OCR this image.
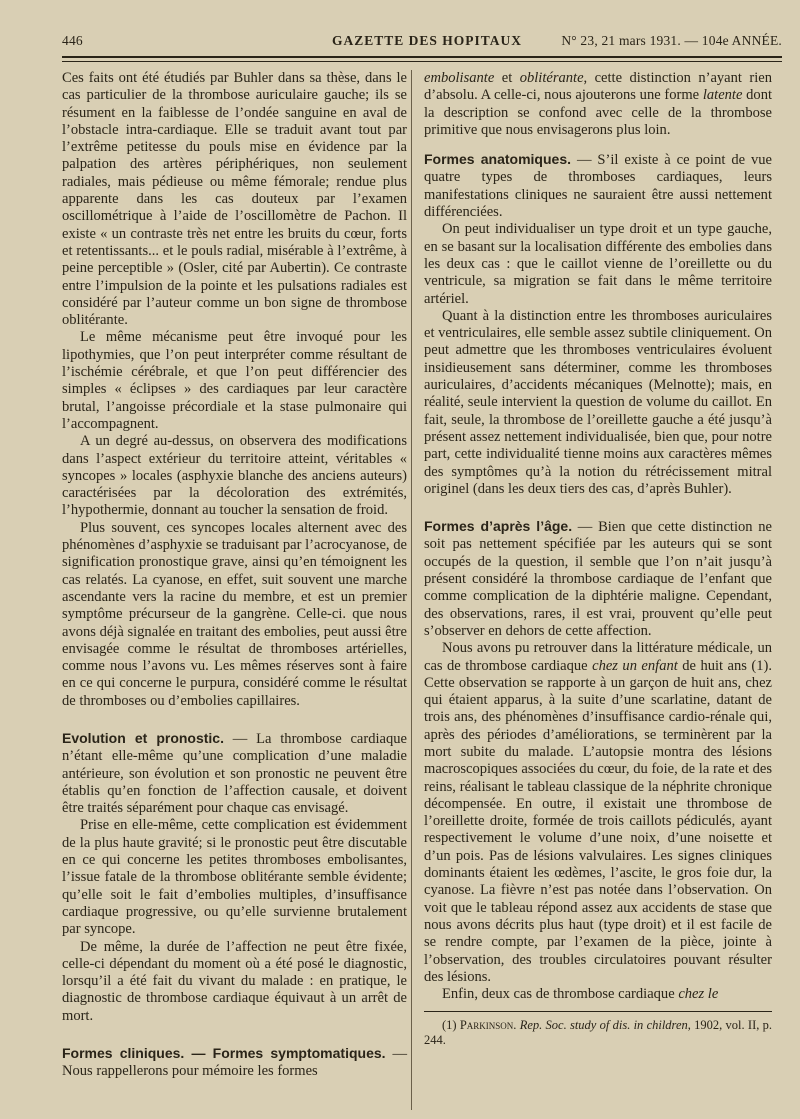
446	GAZETTE DES HOPITAUX	N° 23, 21 mars 1931. — 104e ANNÉE.

Ces faits ont été étudiés par Buhler dans sa thèse, dans le cas particulier de la thrombose auriculaire gauche; ils se résument en la faiblesse de l’ondée sanguine en aval de l’obstacle intra-cardiaque. Elle se traduit avant tout par l’extrême petitesse du pouls mise en évidence par la palpation des artères périphériques, non seulement radiales, mais pédieuse ou même fémorale; rendue plus apparente dans les cas douteux par l’examen oscillométrique à l’aide de l’oscillomètre de Pachon. Il existe « un contraste très net entre les bruits du cœur, forts et retentissants... et le pouls radial, misérable à l’extrême, à peine perceptible » (Osler, cité par Aubertin). Ce contraste entre l’impulsion de la pointe et les pulsations radiales est considéré par l’auteur comme un bon signe de thrombose oblitérante.

Le même mécanisme peut être invoqué pour les lipothymies, que l’on peut interpréter comme résultant de l’ischémie cérébrale, et que l’on peut différencier des simples « éclipses » des cardiaques par leur caractère brutal, l’angoisse précordiale et la stase pulmonaire qui l’accompagnent.

A un degré au-dessus, on observera des modifications dans l’aspect extérieur du territoire atteint, véritables « syncopes » locales (asphyxie blanche des anciens auteurs) caractérisées par la décoloration des extrémités, l’hypothermie, donnant au toucher la sensation de froid.

Plus souvent, ces syncopes locales alternent avec des phénomènes d’asphyxie se traduisant par l’acrocyanose, de signification pronostique grave, ainsi qu’en témoignent les cas relatés. La cyanose, en effet, suit souvent une marche ascendante vers la racine du membre, et est un premier symptôme précurseur de la gangrène. Celle-ci. que nous avons déjà signalée en traitant des embolies, peut aussi être envisagée comme le résultat de thromboses artérielles, comme nous l’avons vu. Les mêmes réserves sont à faire en ce qui concerne le purpura, considéré comme le résultat de thromboses ou d’embolies capillaires.

Evolution et pronostic. — La thrombose cardiaque n’étant elle-même qu’une complication d’une maladie antérieure, son évolution et son pronostic ne peuvent être établis qu’en fonction de l’affection causale, et doivent être traités séparément pour chaque cas envisagé.

Prise en elle-même, cette complication est évidemment de la plus haute gravité; si le pronostic peut être discutable en ce qui concerne les petites thromboses embolisantes, l’issue fatale de la thrombose oblitérante semble évidente; qu’elle soit le fait d’embolies multiples, d’insuffisance cardiaque progressive, ou qu’elle survienne brutalement par syncope.

De même, la durée de l’affection ne peut être fixée, celle-ci dépendant du moment où a été posé le diagnostic, lorsqu’il a été fait du vivant du malade : en pratique, le diagnostic de thrombose cardiaque équivaut à un arrêt de mort.

Formes cliniques. — Formes symptomatiques. — Nous rappellerons pour mémoire les formes

embolisante et oblitérante, cette distinction n’ayant rien d’absolu. A celle-ci, nous ajouterons une forme latente dont la description se confond avec celle de la thrombose primitive que nous envisagerons plus loin.

Formes anatomiques. — S’il existe à ce point de vue quatre types de thromboses cardiaques, leurs manifestations cliniques ne sauraient être aussi nettement différenciées.

On peut individualiser un type droit et un type gauche, en se basant sur la localisation différente des embolies dans les deux cas : que le caillot vienne de l’oreillette ou du ventricule, sa migration se fait dans le même territoire artériel.

Quant à la distinction entre les thromboses auriculaires et ventriculaires, elle semble assez subtile cliniquement. On peut admettre que les thromboses ventriculaires évoluent insidieusement sans déterminer, comme les thromboses auriculaires, d’accidents mécaniques (Melnotte); mais, en réalité, seule intervient la question de volume du caillot. En fait, seule, la thrombose de l’oreillette gauche a été jusqu’à présent assez nettement individualisée, bien que, pour notre part, cette individualité tienne moins aux caractères mêmes des symptômes qu’à la notion du rétrécissement mitral originel (dans les deux tiers des cas, d’après Buhler).

Formes d’après l’âge. — Bien que cette distinction ne soit pas nettement spécifiée par les auteurs qui se sont occupés de la question, il semble que l’on n’ait jusqu’à présent considéré la thrombose cardiaque de l’enfant que comme complication de la diphtérie maligne. Cependant, des observations, rares, il est vrai, prouvent qu’elle peut s’observer en dehors de cette affection.

Nous avons pu retrouver dans la littérature médicale, un cas de thrombose cardiaque chez un enfant de huit ans (1). Cette observation se rapporte à un garçon de huit ans, chez qui étaient apparus, à la suite d’une scarlatine, datant de trois ans, des phénomènes d’insuffisance cardio-rénale qui, après des périodes d’améliorations, se terminèrent par la mort subite du malade. L’autopsie montra des lésions macroscopiques associées du cœur, du foie, de la rate et des reins, réalisant le tableau classique de la néphrite chronique décompensée. En outre, il existait une thrombose de l’oreillette droite, formée de trois caillots pédiculés, ayant respectivement le volume d’une noix, d’une noisette et d’un pois. Pas de lésions valvulaires. Les signes cliniques dominants étaient les œdèmes, l’ascite, le gros foie dur, la cyanose. La fièvre n’est pas notée dans l’observation. On voit que le tableau répond assez aux accidents de stase que nous avons décrits plus haut (type droit) et il est facile de se rendre compte, par l’examen de la pièce, jointe à l’observation, des troubles circulatoires pouvant résulter des lésions.

Enfin, deux cas de thrombose cardiaque chez le

(1) Parkinson. Rep. Soc. study of dis. in children, 1902, vol. II, p. 244.
